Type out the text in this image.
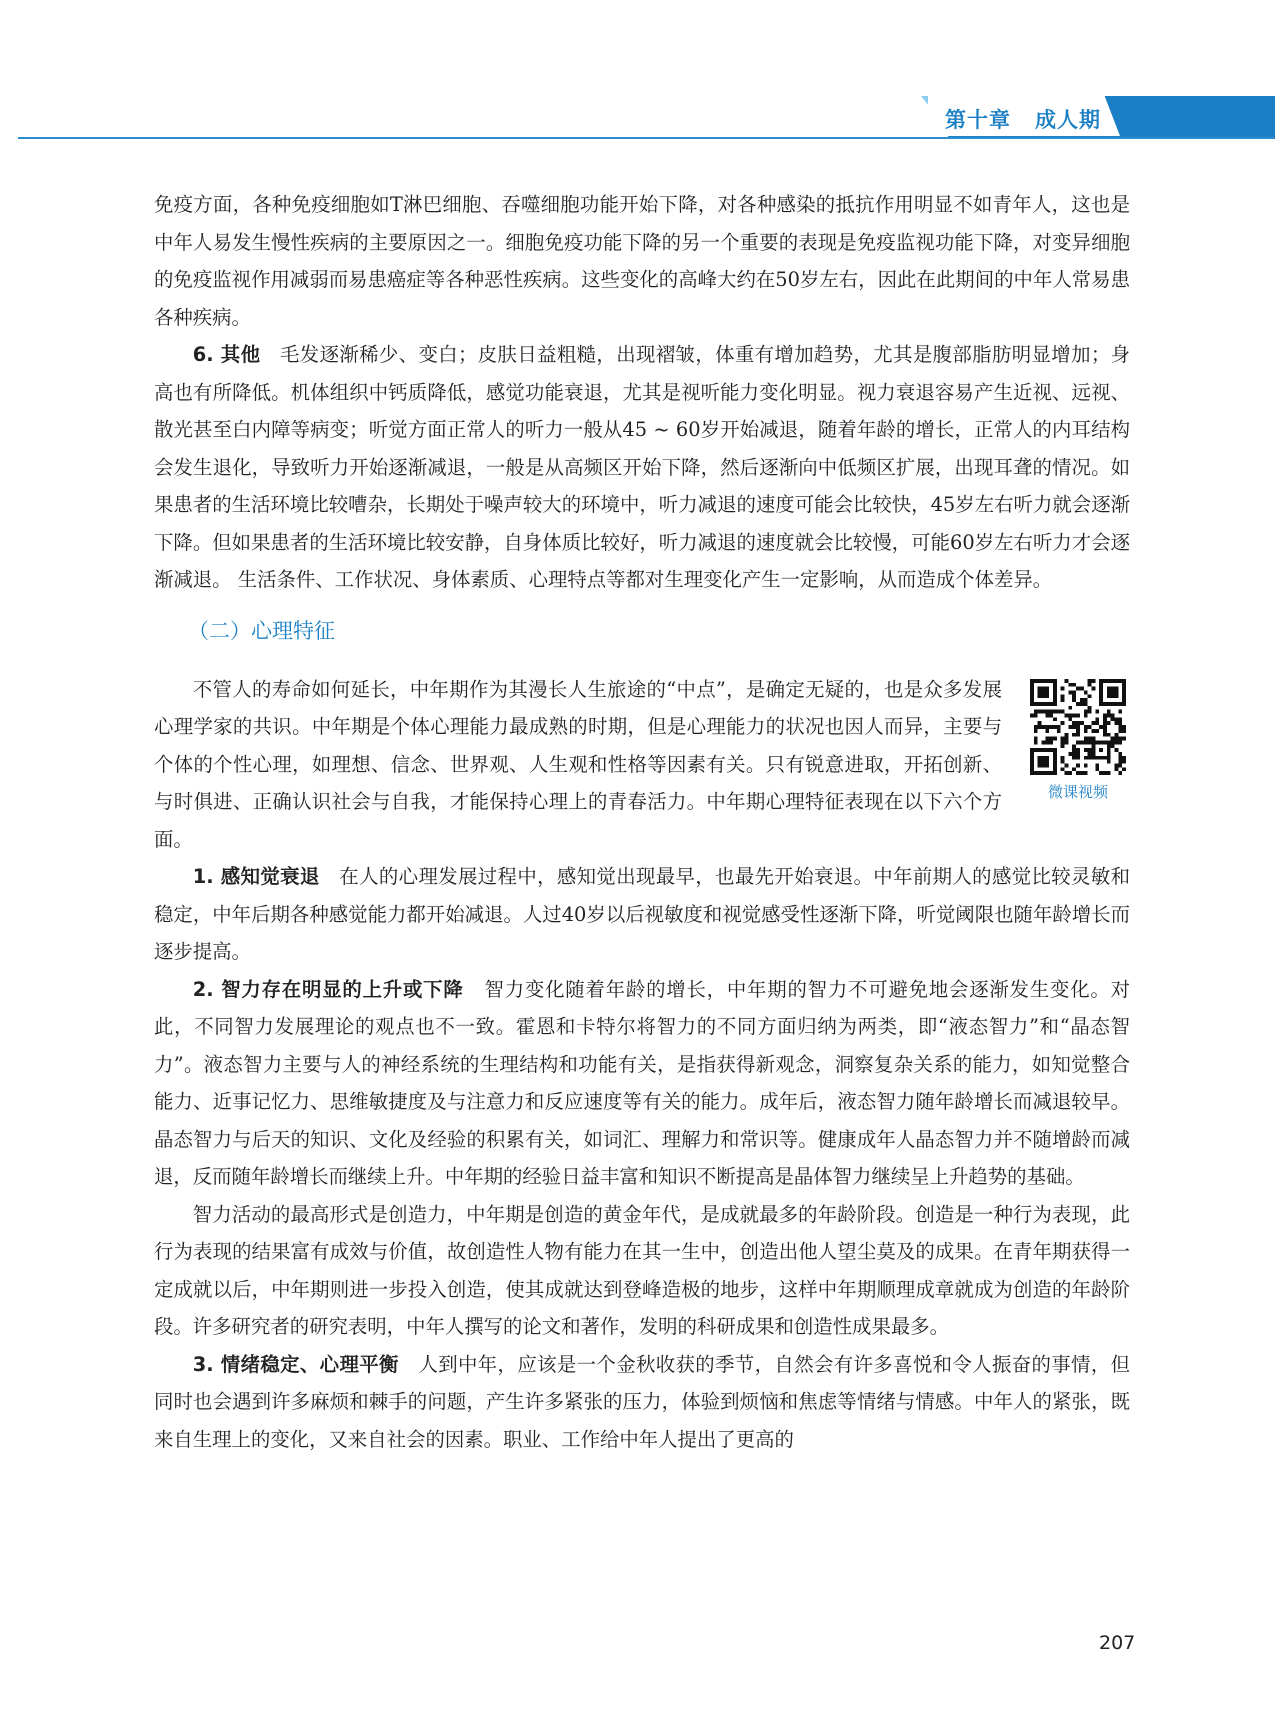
第十章 成人期

免疫方面，各种免疫细胞如T淋巴细胞、吞噬细胞功能开始下降，对各种感染的抵抗作用明显不如青年人，这也是中年人易发生慢性疾病的主要原因之一。细胞免疫功能下降的另一个重要的表现是免疫监视功能下降，对变异细胞的免疫监视作用减弱而易患癌症等各种恶性疾病。这些变化的高峰大约在50岁左右，因此在此期间的中年人常易患各种疾病。

6. 其他 毛发逐渐稀少、变白；皮肤日益粗糙，出现褶皱，体重有增加趋势，尤其是腹部脂肪明显增加；身高也有所降低。机体组织中钙质降低，感觉功能衰退，尤其是视听能力变化明显。视力衰退容易产生近视、远视、散光甚至白内障等病变；听觉方面正常人的听力一般从45 ~ 60岁开始减退，随着年龄的增长，正常人的内耳结构会发生退化，导致听力开始逐渐减退，一般是从高频区开始下降，然后逐渐向中低频区扩展，出现耳聋的情况。如果患者的生活环境比较嘈杂，长期处于噪声较大的环境中，听力减退的速度可能会比较快，45岁左右听力就会逐渐下降。但如果患者的生活环境比较安静，自身体质比较好，听力减退的速度就会比较慢，可能60岁左右听力才会逐渐减退。 生活条件、工作状况、身体素质、心理特点等都对生理变化产生一定影响，从而造成个体差异。

（二）心理特征

微课视频

不管人的寿命如何延长，中年期作为其漫长人生旅途的“中点”，是确定无疑的，也是众多发展心理学家的共识。中年期是个体心理能力最成熟的时期，但是心理能力的状况也因人而异，主要与个体的个性心理，如理想、信念、世界观、人生观和性格等因素有关。只有锐意进取，开拓创新、与时俱进、正确认识社会与自我，才能保持心理上的青春活力。中年期心理特征表现在以下六个方面。

1. 感知觉衰退 在人的心理发展过程中，感知觉出现最早，也最先开始衰退。中年前期人的感觉比较灵敏和稳定，中年后期各种感觉能力都开始减退。人过40岁以后视敏度和视觉感受性逐渐下降，听觉阈限也随年龄增长而逐步提高。

2. 智力存在明显的上升或下降 智力变化随着年龄的增长，中年期的智力不可避免地会逐渐发生变化。对此，不同智力发展理论的观点也不一致。霍恩和卡特尔将智力的不同方面归纳为两类，即“液态智力”和“晶态智力”。液态智力主要与人的神经系统的生理结构和功能有关，是指获得新观念，洞察复杂关系的能力，如知觉整合能力、近事记忆力、思维敏捷度及与注意力和反应速度等有关的能力。成年后，液态智力随年龄增长而减退较早。晶态智力与后天的知识、文化及经验的积累有关，如词汇、理解力和常识等。健康成年人晶态智力并不随增龄而减退，反而随年龄增长而继续上升。中年期的经验日益丰富和知识不断提高是晶体智力继续呈上升趋势的基础。

智力活动的最高形式是创造力，中年期是创造的黄金年代，是成就最多的年龄阶段。创造是一种行为表现，此行为表现的结果富有成效与价值，故创造性人物有能力在其一生中，创造出他人望尘莫及的成果。在青年期获得一定成就以后，中年期则进一步投入创造，使其成就达到登峰造极的地步，这样中年期顺理成章就成为创造的年龄阶段。许多研究者的研究表明，中年人撰写的论文和著作，发明的科研成果和创造性成果最多。

3. 情绪稳定、心理平衡 人到中年，应该是一个金秋收获的季节，自然会有许多喜悦和令人振奋的事情，但同时也会遇到许多麻烦和棘手的问题，产生许多紧张的压力，体验到烦恼和焦虑等情绪与情感。中年人的紧张，既来自生理上的变化，又来自社会的因素。职业、工作给中年人提出了更高的

207
